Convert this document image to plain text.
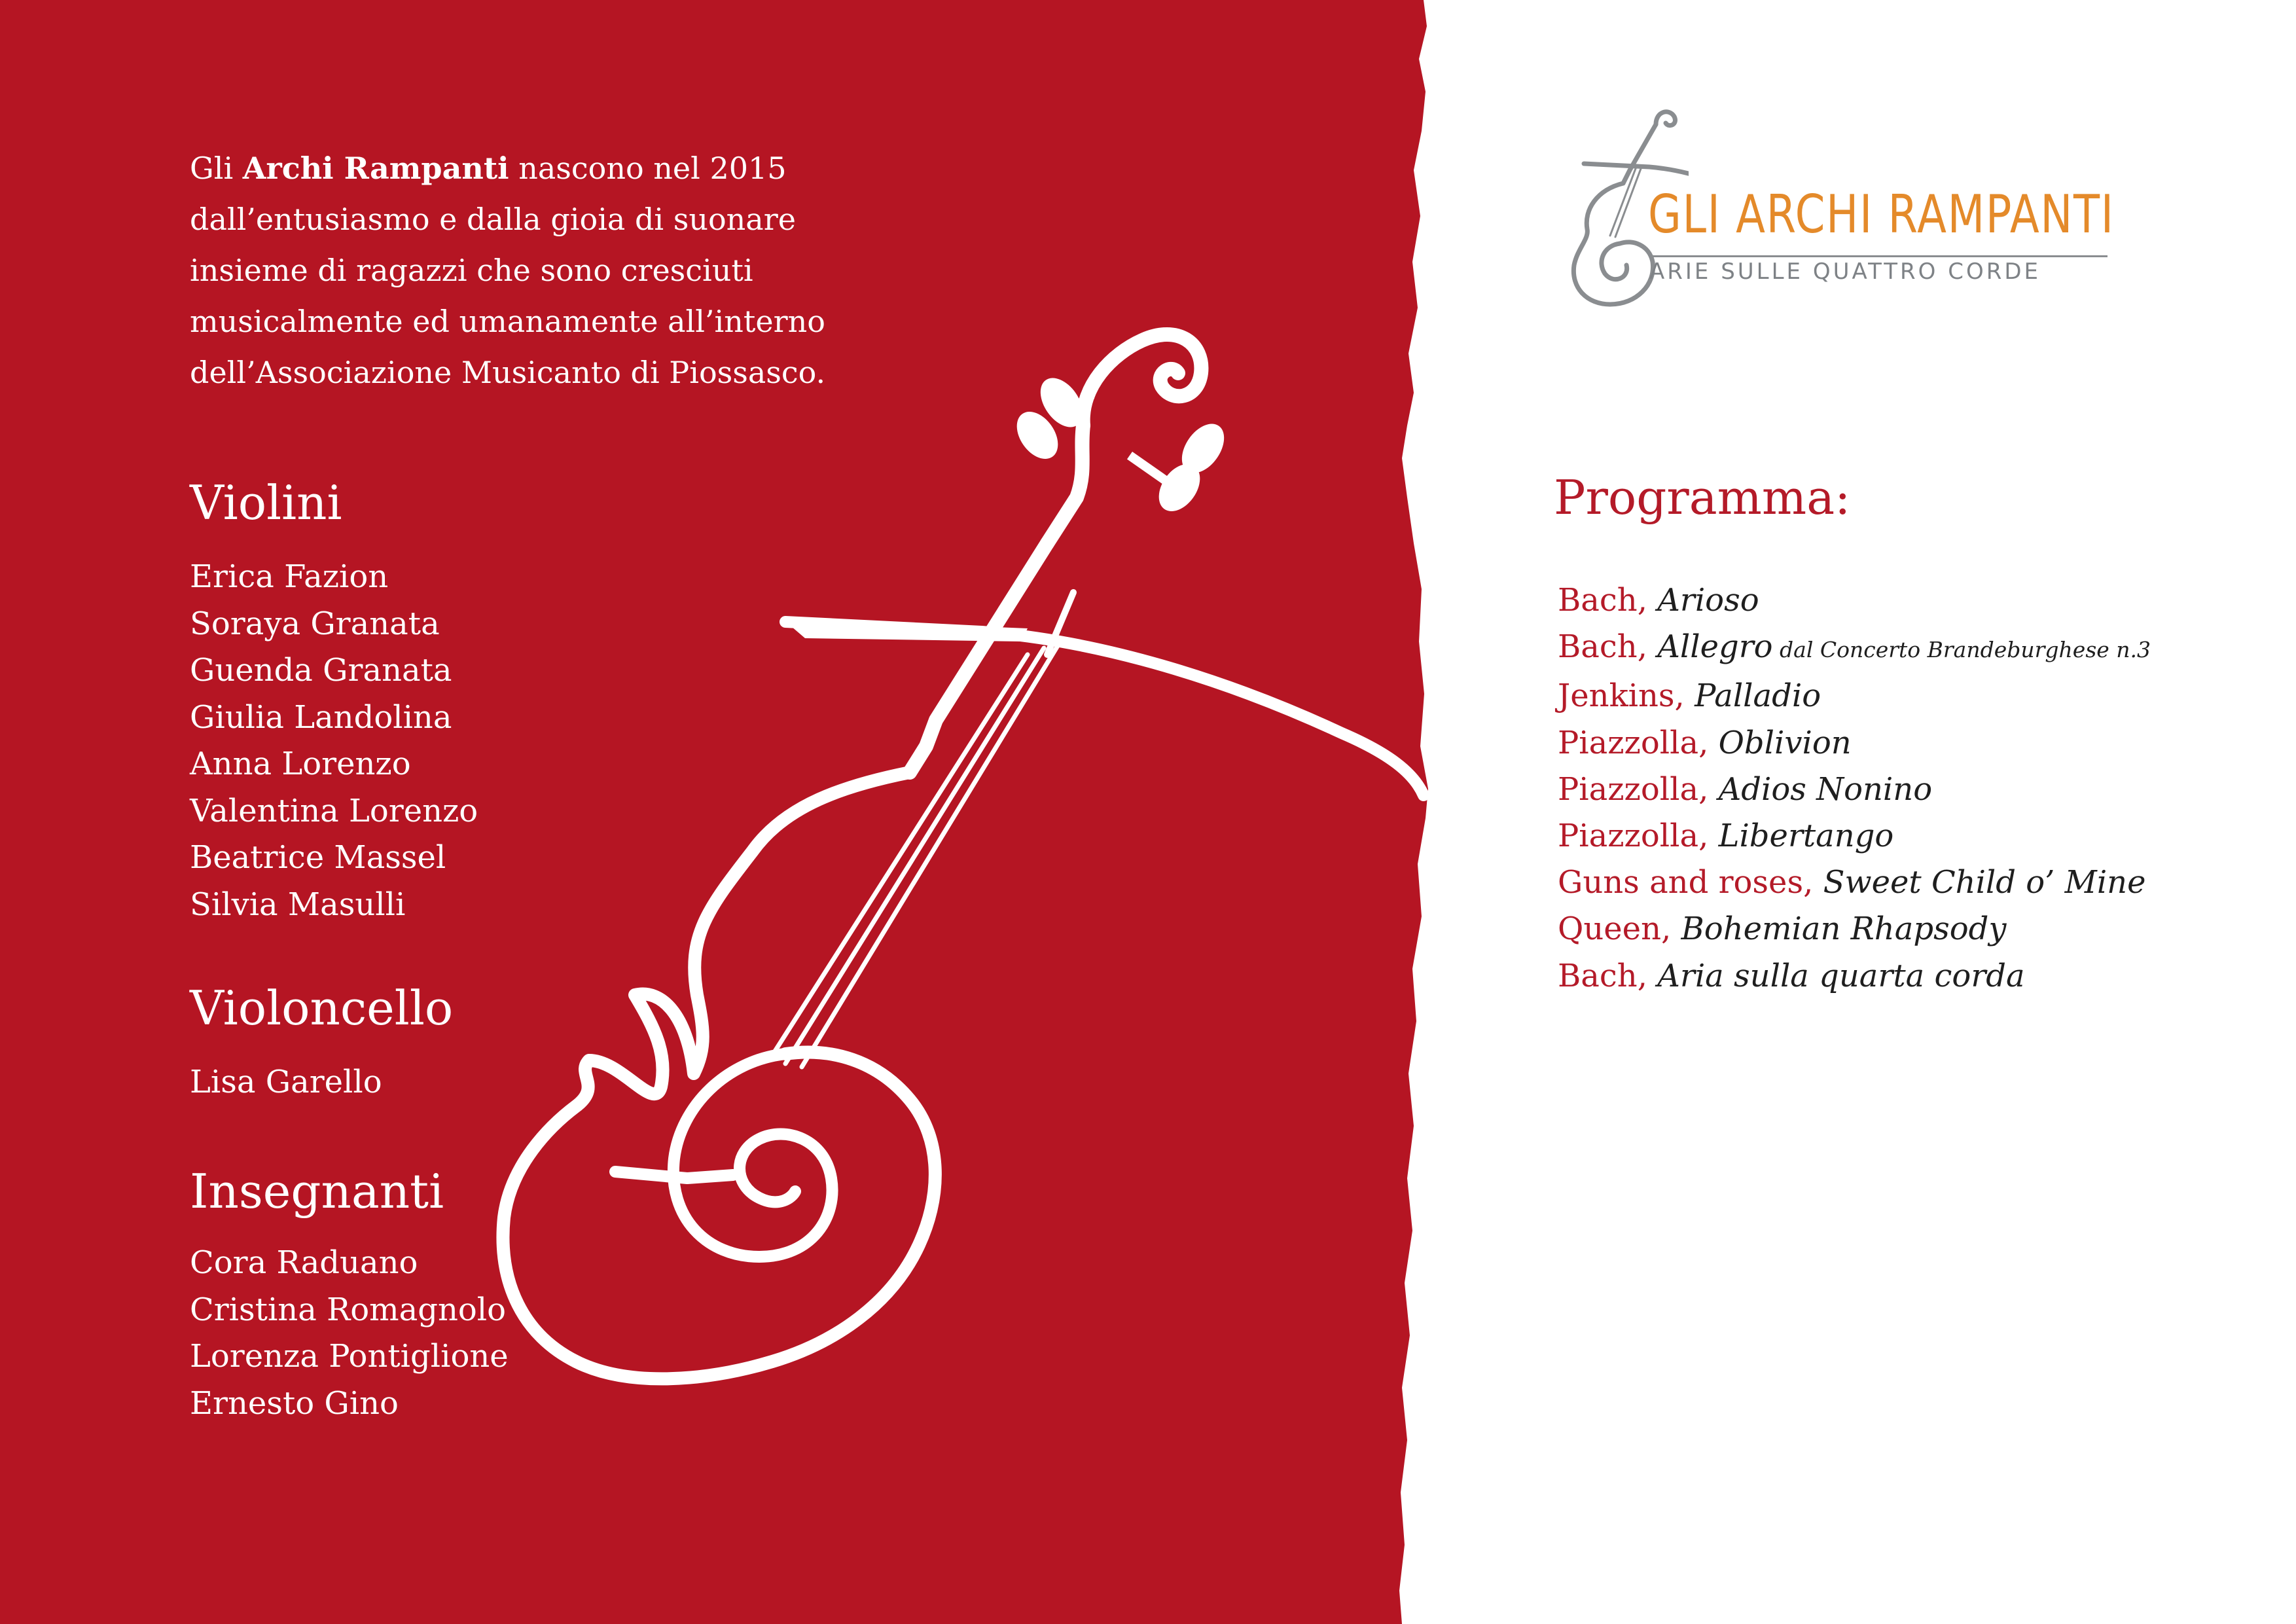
Gli Archi Rampanti nascono nel 2015 dall’entusiasmo e dalla gioia di suonare insieme di ragazzi che sono cresciuti musicalmente ed umanamente all’interno dell’Associazione Musicanto di Piossasco.
Violini
Erica Fazion
Soraya Granata
Guenda Granata
Giulia Landolina
Anna Lorenzo
Valentina Lorenzo
Beatrice Massel
Silvia Masulli
Violoncello
Lisa Garello
Insegnanti
Cora Raduano
Cristina Romagnolo
Lorenza Pontiglione
Ernesto Gino
GLI ARCHI RAMPANTI
ARIE SULLE QUATTRO CORDE
Programma:
Bach, Arioso
Bach, Allegro dal Concerto Brandeburghese n.3
Jenkins, Palladio
Piazzolla, Oblivion
Piazzolla, Adios Nonino
Piazzolla, Libertango
Guns and roses, Sweet Child o’ Mine
Queen, Bohemian Rhapsody
Bach, Aria sulla quarta corda
